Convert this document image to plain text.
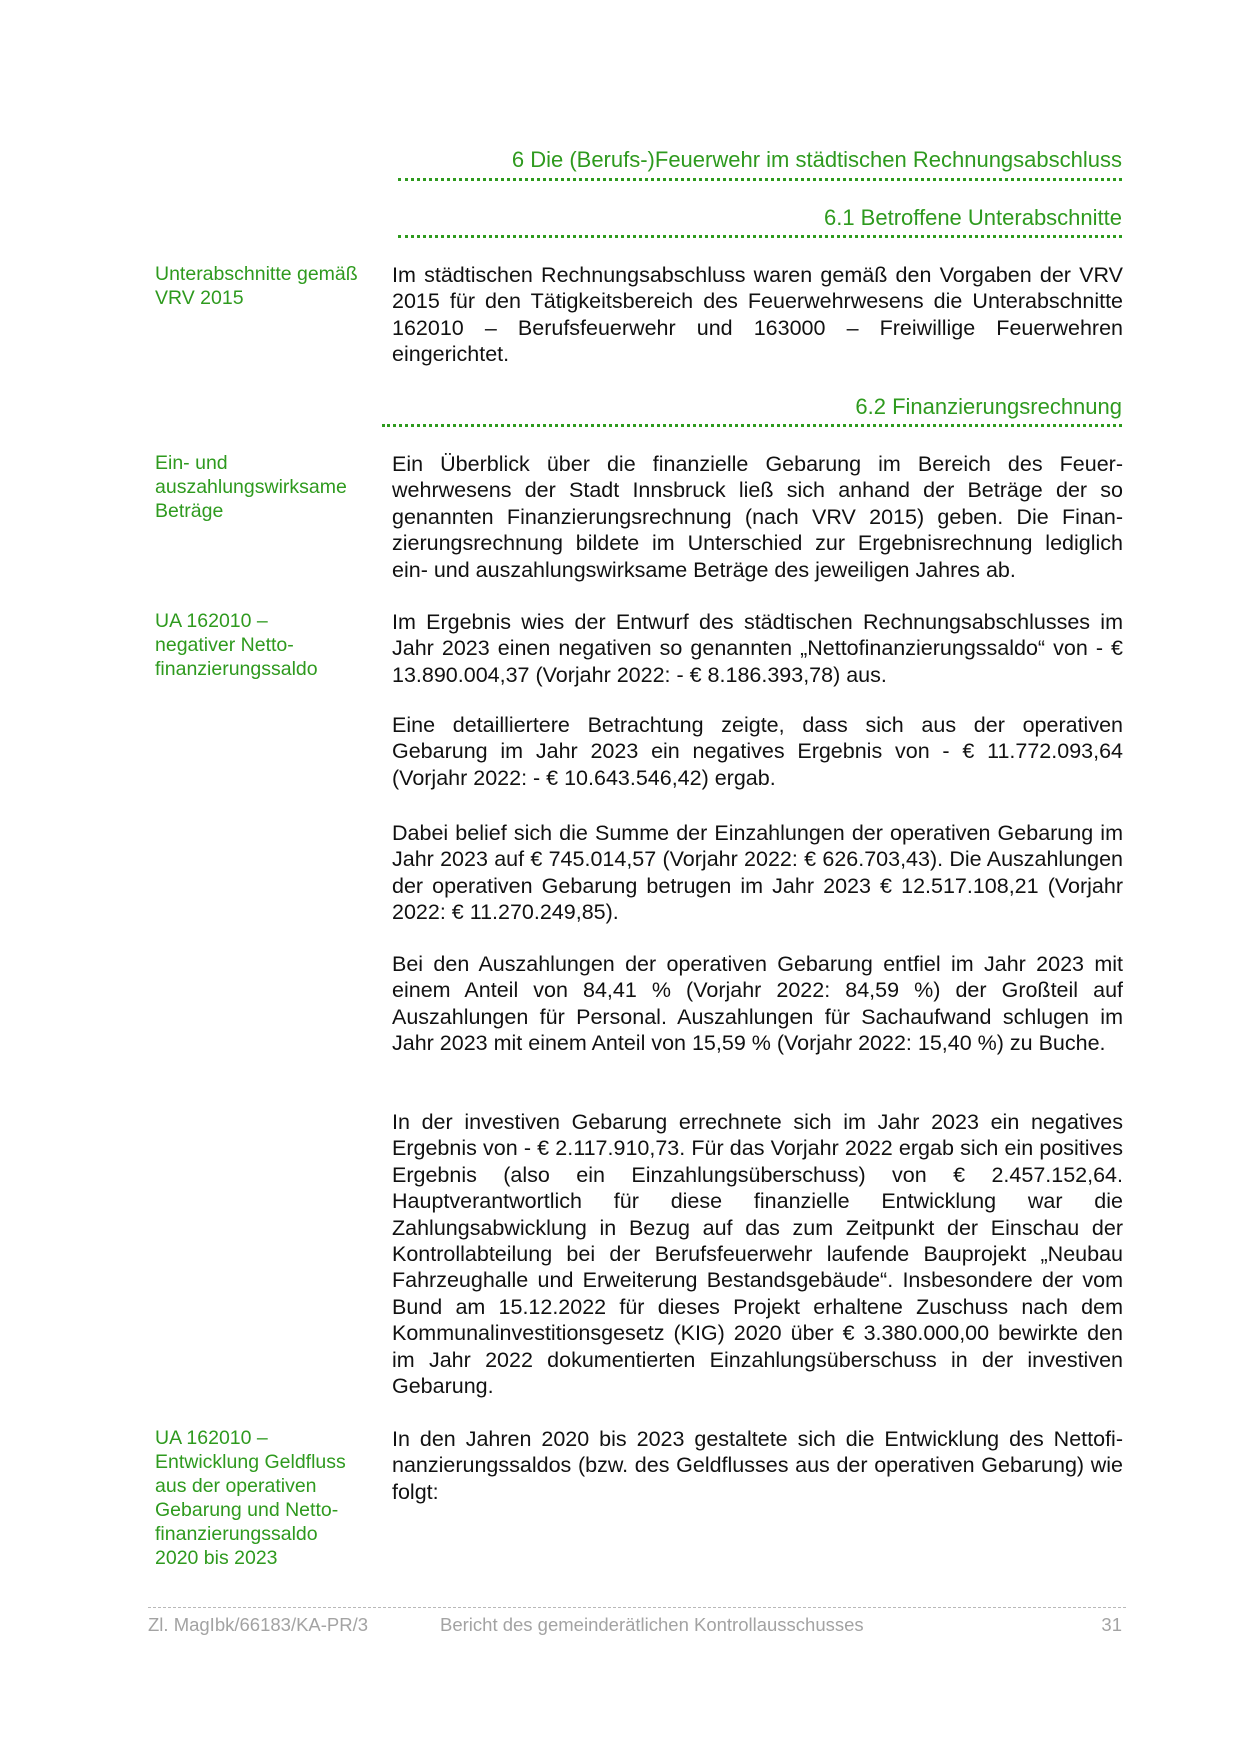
6 Die (Berufs-)Feuerwehr im städtischen Rechnungsabschluss
6.1 Betroffene Unterabschnitte
6.2 Finanzierungsrechnung
Unterabschnitte gemäß
VRV 2015
Ein- und
auszahlungswirksame
Beträge
UA 162010 –
negativer Netto-
finanzierungssaldo
UA 162010 –
Entwicklung Geldfluss
aus der operativen
Gebarung und Netto-
finanzierungssaldo
2020 bis 2023
Im städtischen Rechnungsabschluss waren gemäß den Vorgaben der VRV 2015 für den Tätigkeitsbereich des Feuerwehrwesens die Unterabschnitte 162010 – Berufsfeuerwehr und 163000 – Freiwillige Feuerwehren eingerichtet.
Ein Überblick über die finanzielle Gebarung im Bereich des Feuerwehrwesens der Stadt Innsbruck ließ sich anhand der Beträge der so genannten Finanzierungsrechnung (nach VRV 2015) geben. Die Finanzierungsrechnung bildete im Unterschied zur Ergebnisrechnung lediglich ein- und auszahlungswirksame Beträge des jeweiligen Jahres ab.
Im Ergebnis wies der Entwurf des städtischen Rechnungsabschlusses im Jahr 2023 einen negativen so genannten „Nettofinanzierungssaldo“ von - € 13.890.004,37 (Vorjahr 2022: - € 8.186.393,78) aus.
Eine detailliertere Betrachtung zeigte, dass sich aus der operativen Gebarung im Jahr 2023 ein negatives Ergebnis von - € 11.772.093,64 (Vorjahr 2022: - € 10.643.546,42) ergab.
Dabei belief sich die Summe der Einzahlungen der operativen Gebarung im Jahr 2023 auf € 745.014,57 (Vorjahr 2022: € 626.703,43). Die Auszahlungen der operativen Gebarung betrugen im Jahr 2023 € 12.517.108,21 (Vorjahr 2022: € 11.270.249,85).
Bei den Auszahlungen der operativen Gebarung entfiel im Jahr 2023 mit einem Anteil von 84,41 % (Vorjahr 2022: 84,59 %) der Großteil auf Auszahlungen für Personal. Auszahlungen für Sachaufwand schlugen im Jahr 2023 mit einem Anteil von 15,59 % (Vorjahr 2022: 15,40 %) zu Buche.
In der investiven Gebarung errechnete sich im Jahr 2023 ein negatives Ergebnis von - € 2.117.910,73. Für das Vorjahr 2022 ergab sich ein positives Ergebnis (also ein Einzahlungsüberschuss) von € 2.457.152,64. Hauptverantwortlich für diese finanzielle Entwicklung war die Zahlungsabwicklung in Bezug auf das zum Zeitpunkt der Einschau der Kontrollabteilung bei der Berufsfeuerwehr laufende Bauprojekt „Neubau Fahrzeughalle und Erweiterung Bestandsgebäude“. Insbesondere der vom Bund am 15.12.2022 für dieses Projekt erhaltene Zuschuss nach dem Kommunalinvestitionsgesetz (KIG) 2020 über € 3.380.000,00 bewirkte den im Jahr 2022 dokumentierten Einzahlungsüberschuss in der investiven Gebarung.
In den Jahren 2020 bis 2023 gestaltete sich die Entwicklung des Nettofinanzierungssaldos (bzw. des Geldflusses aus der operativen Gebarung) wie folgt:
Zl. MagIbk/66183/KA-PR/3	Bericht des gemeinderätlichen Kontrollausschusses	31
